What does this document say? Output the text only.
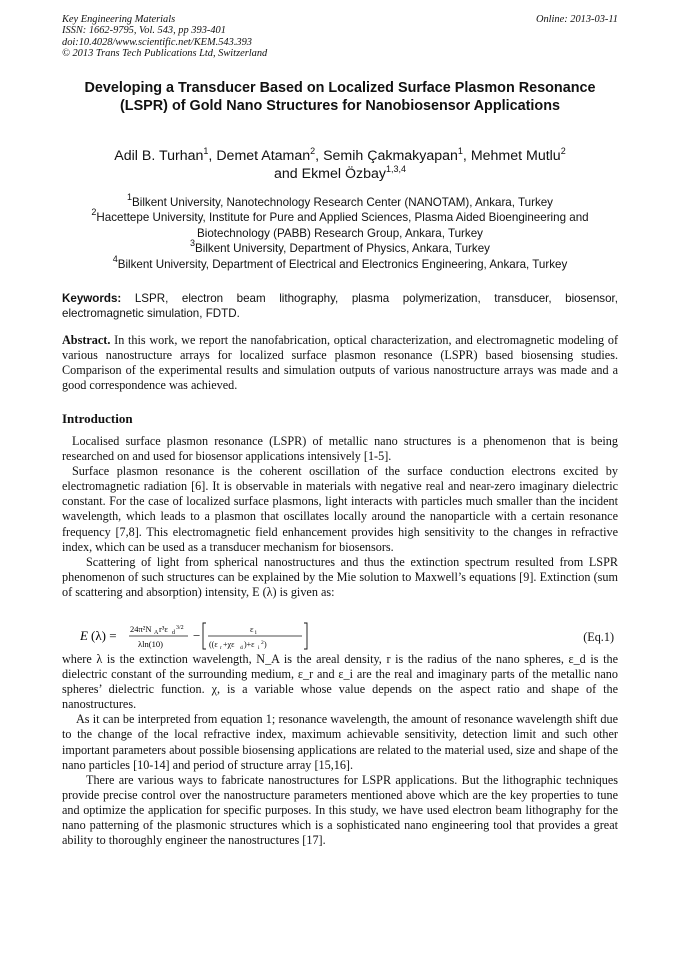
Key Engineering Materials
ISSN: 1662-9795, Vol. 543, pp 393-401
doi:10.4028/www.scientific.net/KEM.543.393
© 2013 Trans Tech Publications Ltd, Switzerland
Online: 2013-03-11
Developing a Transducer Based on Localized Surface Plasmon Resonance (LSPR) of Gold Nano Structures for Nanobiosensor Applications
Adil B. Turhan$^1$, Demet Ataman$^2$, Semih Çakmakyapan$^1$, Mehmet Mutlu$^2$
and Ekmel Özbay$^{1,3,4}$
$^1$Bilkent University, Nanotechnology Research Center (NANOTAM), Ankara, Turkey
$^2$Hacettepe University, Institute for Pure and Applied Sciences, Plasma Aided Bioengineering and Biotechnology (PABB) Research Group, Ankara, Turkey
$^3$Bilkent University, Department of Physics, Ankara, Turkey
$^4$Bilkent University, Department of Electrical and Electronics Engineering, Ankara, Turkey
Keywords: LSPR, electron beam lithography, plasma polymerization, transducer, biosensor, electromagnetic simulation, FDTD.
Abstract. In this work, we report the nanofabrication, optical characterization, and electromagnetic modeling of various nanostructure arrays for localized surface plasmon resonance (LSPR) based biosensing studies. Comparison of the experimental results and simulation outputs of various nanostructure arrays was made and a good correspondence was achieved.
Introduction

Localised surface plasmon resonance (LSPR) of metallic nano structures is a phenomenon that is being researched on and used for biosensor applications intensively [1-5].

Surface plasmon resonance is the coherent oscillation of the surface conduction electrons excited by electromagnetic radiation [6]. It is observable in materials with negative real and near-zero imaginary dielectric constant. For the case of localized surface plasmons, light interacts with particles much smaller than the incident wavelength, which leads to a plasmon that oscillates locally around the nanoparticle with a certain resonance frequency [7,8]. This electromagnetic field enhancement provides high sensitivity to the changes in refractive index, which can be used as a transducer mechanism for biosensors.

Scattering of light from spherical nanostructures and thus the extinction spectrum resulted from LSPR phenomenon of such structures can be explained by the Mie solution to Maxwell’s equations [9]. Extinction (sum of scattering and absorption) intensity, E (λ) is given as:

E (λ) = 24π²N A r³ε d
3/2
λln(10)
−	ε i
((ε r +χε d )+ε i
2 )
(Eq.1)

where λ is the extinction wavelength, N_A is the areal density, r is the radius of the nano spheres, ε_d is the dielectric constant of the surrounding medium, ε_r and ε_i are the real and imaginary parts of the metallic nano spheres’ dielectric function. χ, is a variable whose value depends on the aspect ratio and shape of the nanostructures.

As it can be interpreted from equation 1; resonance wavelength, the amount of resonance wavelength shift due to the change of the local refractive index, maximum achievable sensitivity, detection limit and such other important parameters about possible biosensing applications are related to the material used, size and shape of the nano particles [10-14] and period of structure array [15,16].

There are various ways to fabricate nanostructures for LSPR applications. But the lithographic techniques provide precise control over the nanostructure parameters mentioned above which are the key properties to tune and optimize the application for specific purposes. In this study, we have used electron beam lithography for the nano patterning of the plasmonic structures which is a sophisticated nano engineering tool that provides a great ability to thoroughly engineer the nanostructures [17].
